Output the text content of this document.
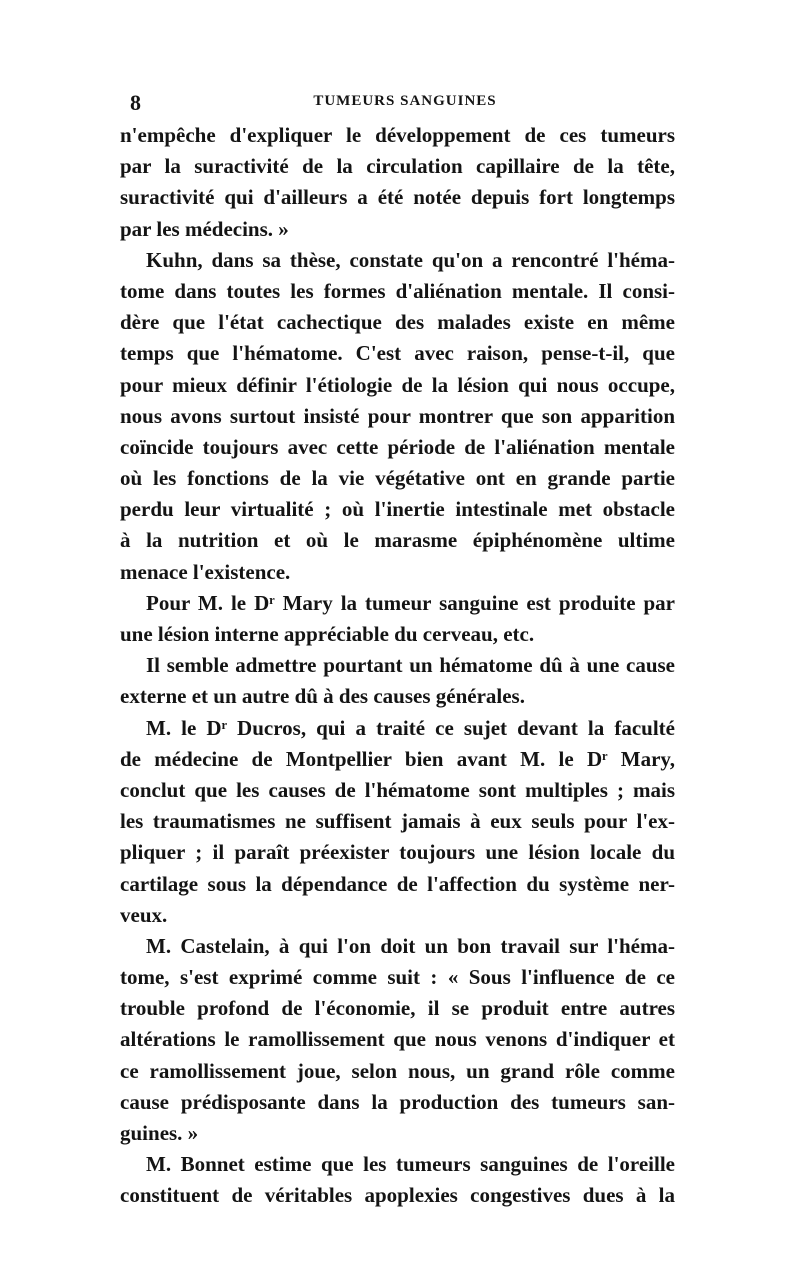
8	TUMEURS SANGUINES
n'empêche d'expliquer le développement de ces tumeurs
par la suractivité de la circulation capillaire de la tête,
suractivité qui d'ailleurs a été notée depuis fort longtemps
par les médecins. »
Kuhn, dans sa thèse, constate qu'on a rencontré l'héma-
tome dans toutes les formes d'aliénation mentale. Il consi-
dère que l'état cachectique des malades existe en même
temps que l'hématome. C'est avec raison, pense-t-il, que
pour mieux définir l'étiologie de la lésion qui nous occupe,
nous avons surtout insisté pour montrer que son apparition
coïncide toujours avec cette période de l'aliénation mentale
où les fonctions de la vie végétative ont en grande partie
perdu leur virtualité ; où l'inertie intestinale met obstacle
à la nutrition et où le marasme épiphénomène ultime
menace l'existence.
Pour M. le Dʳ Mary la tumeur sanguine est produite par
une lésion interne appréciable du cerveau, etc.
Il semble admettre pourtant un hématome dû à une cause
externe et un autre dû à des causes générales.
M. le Dʳ Ducros, qui a traité ce sujet devant la faculté
de médecine de Montpellier bien avant M. le Dʳ Mary,
conclut que les causes de l'hématome sont multiples ; mais
les traumatismes ne suffisent jamais à eux seuls pour l'ex-
pliquer ; il paraît préexister toujours une lésion locale du
cartilage sous la dépendance de l'affection du système ner-
veux.
M. Castelain, à qui l'on doit un bon travail sur l'héma-
tome, s'est exprimé comme suit : « Sous l'influence de ce
trouble profond de l'économie, il se produit entre autres
altérations le ramollissement que nous venons d'indiquer et
ce ramollissement joue, selon nous, un grand rôle comme
cause prédisposante dans la production des tumeurs san-
guines. »
M. Bonnet estime que les tumeurs sanguines de l'oreille
constituent de véritables apoplexies congestives dues à la
